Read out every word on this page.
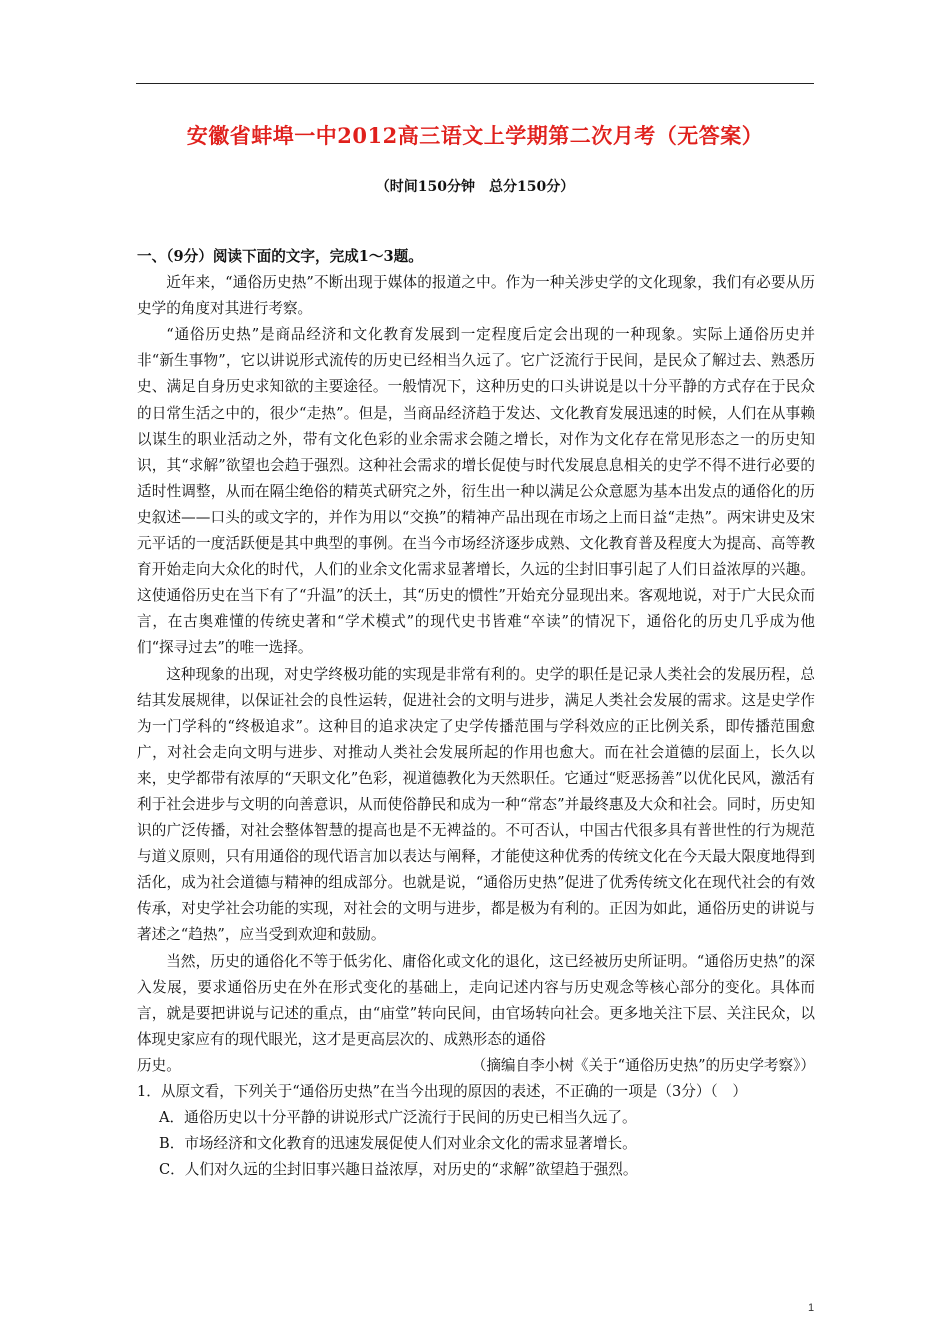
安徽省蚌埠一中2012高三语文上学期第二次月考（无答案）
（时间150分钟　总分150分）

一、（9分）阅读下面的文字，完成1～3题。

近年来，“通俗历史热”不断出现于媒体的报道之中。作为一种关涉史学的文化现象，我们有必要从历史学的角度对其进行考察。

“通俗历史热”是商品经济和文化教育发展到一定程度后定会出现的一种现象。实际上通俗历史并非“新生事物”，它以讲说形式流传的历史已经相当久远了。它广泛流行于民间，是民众了解过去、熟悉历史、满足自身历史求知欲的主要途径。一般情况下，这种历史的口头讲说是以十分平静的方式存在于民众的日常生活之中的，很少“走热”。但是，当商品经济趋于发达、文化教育发展迅速的时候，人们在从事赖以谋生的职业活动之外，带有文化色彩的业余需求会随之增长，对作为文化存在常见形态之一的历史知识，其“求解”欲望也会趋于强烈。这种社会需求的增长促使与时代发展息息相关的史学不得不进行必要的适时性调整，从而在隔尘绝俗的精英式研究之外，衍生出一种以满足公众意愿为基本出发点的通俗化的历史叙述——口头的或文字的，并作为用以“交换”的精神产品出现在市场之上而日益“走热”。两宋讲史及宋元平话的一度活跃便是其中典型的事例。在当今市场经济逐步成熟、文化教育普及程度大为提高、高等教育开始走向大众化的时代，人们的业余文化需求显著增长，久远的尘封旧事引起了人们日益浓厚的兴趣。这使通俗历史在当下有了“升温”的沃土，其“历史的惯性”开始充分显现出来。客观地说，对于广大民众而言，在古奥难懂的传统史著和“学术模式”的现代史书皆难“卒读”的情况下，通俗化的历史几乎成为他们“探寻过去”的唯一选择。

这种现象的出现，对史学终极功能的实现是非常有利的。史学的职任是记录人类社会的发展历程，总结其发展规律，以保证社会的良性运转，促进社会的文明与进步，满足人类社会发展的需求。这是史学作为一门学科的“终极追求”。这种目的追求决定了史学传播范围与学科效应的正比例关系，即传播范围愈广，对社会走向文明与进步、对推动人类社会发展所起的作用也愈大。而在社会道德的层面上，长久以来，史学都带有浓厚的“天职文化”色彩，视道德教化为天然职任。它通过“贬恶扬善”以优化民风，激活有利于社会进步与文明的向善意识，从而使俗静民和成为一种“常态”并最终惠及大众和社会。同时，历史知识的广泛传播，对社会整体智慧的提高也是不无裨益的。不可否认，中国古代很多具有普世性的行为规范与道义原则，只有用通俗的现代语言加以表达与阐释，才能使这种优秀的传统文化在今天最大限度地得到活化，成为社会道德与精神的组成部分。也就是说，“通俗历史热”促进了优秀传统文化在现代社会的有效传承，对史学社会功能的实现，对社会的文明与进步，都是极为有利的。正因为如此，通俗历史的讲说与著述之“趋热”，应当受到欢迎和鼓励。

当然，历史的通俗化不等于低劣化、庸俗化或文化的退化，这已经被历史所证明。“通俗历史热”的深入发展，要求通俗历史在外在形式变化的基础上，走向记述内容与历史观念等核心部分的变化。具体而言，就是要把讲说与记述的重点，由“庙堂”转向民间，由官场转向社会。更多地关注下层、关注民众，以体现史家应有的现代眼光，这才是更高层次的、成熟形态的通俗

历史。	（摘编自李小树《关于“通俗历史热”的历史学考察》）

1．从原文看，下列关于“通俗历史热”在当今出现的原因的表述，不正确的一项是（3分）（　）

A．通俗历史以十分平静的讲说形式广泛流行于民间的历史已相当久远了。

B．市场经济和文化教育的迅速发展促使人们对业余文化的需求显著增长。

C．人们对久远的尘封旧事兴趣日益浓厚，对历史的“求解”欲望趋于强烈。

1
